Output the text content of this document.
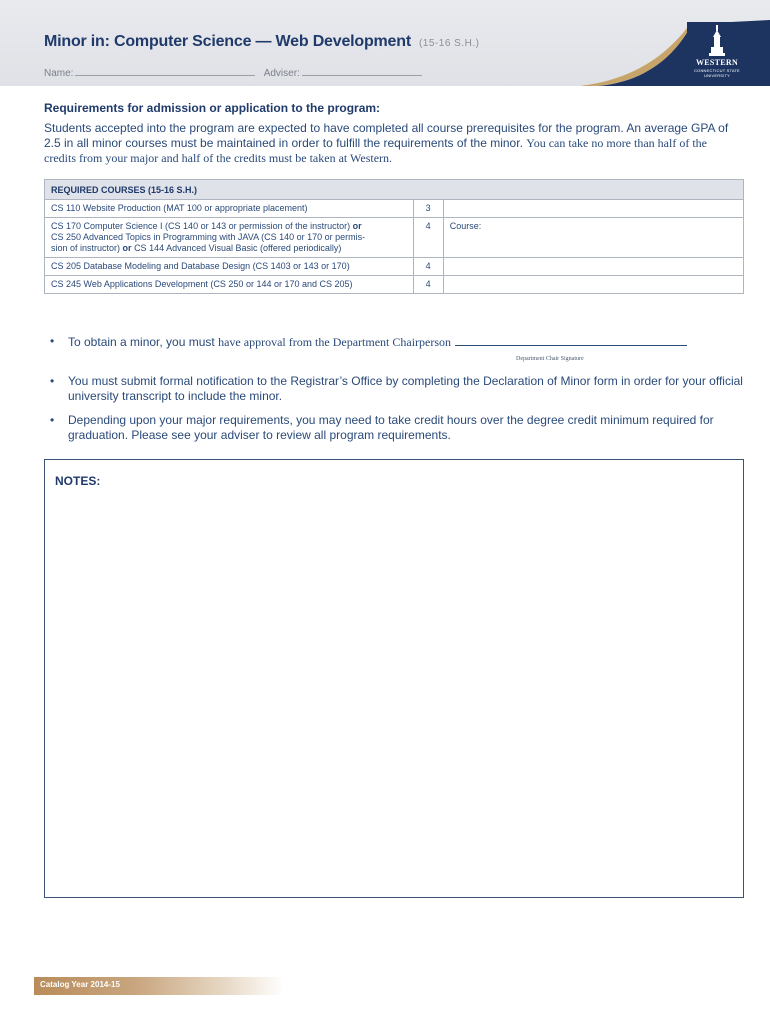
Minor in: Computer Science — Web Development (15-16 S.H.)
Name:	Adviser:
WESTERN
CONNECTICUT STATE UNIVERSITY
Requirements for admission or application to the program:
Students accepted into the program are expected to have completed all course prerequisites for the program. An average GPA of 2.5 in all minor courses must be maintained in order to fulfill the requirements of the minor. You can take no more than half of the credits from your major and half of the credits must be taken at Western.
REQUIRED COURSES (15-16 S.H.)		
CS 110 Website Production (MAT 100 or appropriate placement)	3	
CS 170 Computer Science I (CS 140 or 143 or permission of the instructor) or
CS 250 Advanced Topics in Programming with JAVA (CS 140 or 170 or permis-
sion of instructor) or CS 144 Advanced Visual Basic (offered periodically)	4	Course:
CS 205 Database Modeling and Database Design (CS 1403 or 143 or 170)	4	
CS 245 Web Applications Development (CS 250 or 144 or 170 and CS 205)	4	
• To obtain a minor, you must have approval from the Department Chairperson
Department Chair Signature
• You must submit formal notification to the Registrar’s Office by completing the Declaration of Minor form in order for your official university transcript to include the minor.
• Depending upon your major requirements, you may need to take credit hours over the degree credit minimum required for graduation. Please see your adviser to review all program requirements.
NOTES:
Catalog Year 2014-15
